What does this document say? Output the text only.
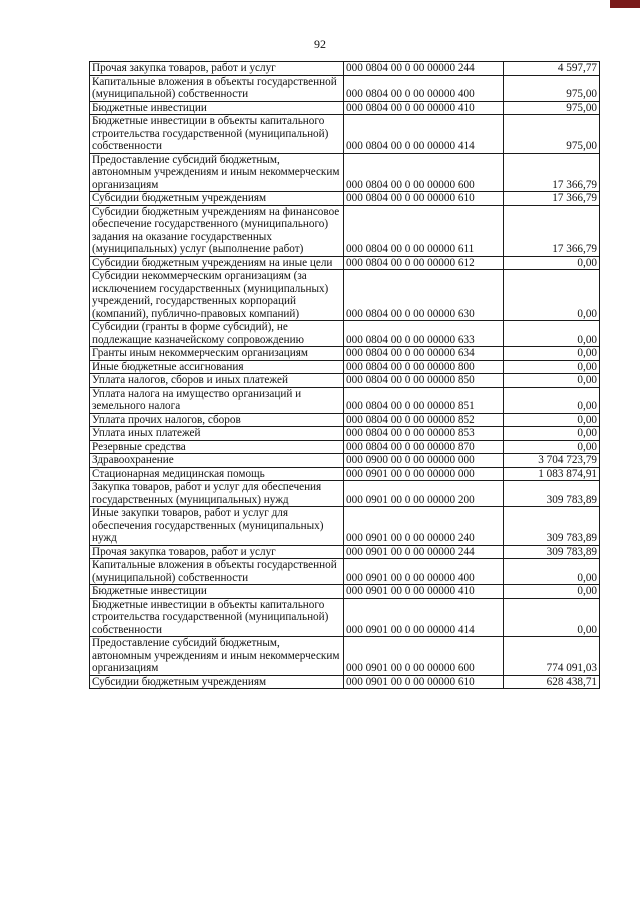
92
Прочая закупка товаров, работ и услуг	000 0804 00 0 00 00000 244	4 597,77
Капитальные вложения в объекты государственной (муниципальной) собственности	000 0804 00 0 00 00000 400	975,00
Бюджетные инвестиции	000 0804 00 0 00 00000 410	975,00
Бюджетные инвестиции в объекты капитального строительства государственной (муниципальной) собственности	000 0804 00 0 00 00000 414	975,00
Предоставление субсидий бюджетным, автономным учреждениям и иным некоммерческим организациям	000 0804 00 0 00 00000 600	17 366,79
Субсидии бюджетным учреждениям	000 0804 00 0 00 00000 610	17 366,79
Субсидии бюджетным учреждениям на финансовое обеспечение государственного (муниципального) задания на оказание государственных (муниципальных) услуг (выполнение работ)	000 0804 00 0 00 00000 611	17 366,79
Субсидии бюджетным учреждениям на иные цели	000 0804 00 0 00 00000 612	0,00
Субсидии некоммерческим организациям (за исключением государственных (муниципальных) учреждений, государственных корпораций (компаний), публично-правовых компаний)	000 0804 00 0 00 00000 630	0,00
Субсидии (гранты в форме субсидий), не подлежащие казначейскому сопровождению	000 0804 00 0 00 00000 633	0,00
Гранты иным некоммерческим организациям	000 0804 00 0 00 00000 634	0,00
Иные бюджетные ассигнования	000 0804 00 0 00 00000 800	0,00
Уплата налогов, сборов и иных платежей	000 0804 00 0 00 00000 850	0,00
Уплата налога на имущество организаций и земельного налога	000 0804 00 0 00 00000 851	0,00
Уплата прочих налогов, сборов	000 0804 00 0 00 00000 852	0,00
Уплата иных платежей	000 0804 00 0 00 00000 853	0,00
Резервные средства	000 0804 00 0 00 00000 870	0,00
Здравоохранение	000 0900 00 0 00 00000 000	3 704 723,79
Стационарная медицинская помощь	000 0901 00 0 00 00000 000	1 083 874,91
Закупка товаров, работ и услуг для обеспечения государственных (муниципальных) нужд	000 0901 00 0 00 00000 200	309 783,89
Иные закупки товаров, работ и услуг для обеспечения государственных (муниципальных) нужд	000 0901 00 0 00 00000 240	309 783,89
Прочая закупка товаров, работ и услуг	000 0901 00 0 00 00000 244	309 783,89
Капитальные вложения в объекты государственной (муниципальной) собственности	000 0901 00 0 00 00000 400	0,00
Бюджетные инвестиции	000 0901 00 0 00 00000 410	0,00
Бюджетные инвестиции в объекты капитального строительства государственной (муниципальной) собственности	000 0901 00 0 00 00000 414	0,00
Предоставление субсидий бюджетным, автономным учреждениям и иным некоммерческим организациям	000 0901 00 0 00 00000 600	774 091,03
Субсидии бюджетным учреждениям	000 0901 00 0 00 00000 610	628 438,71
